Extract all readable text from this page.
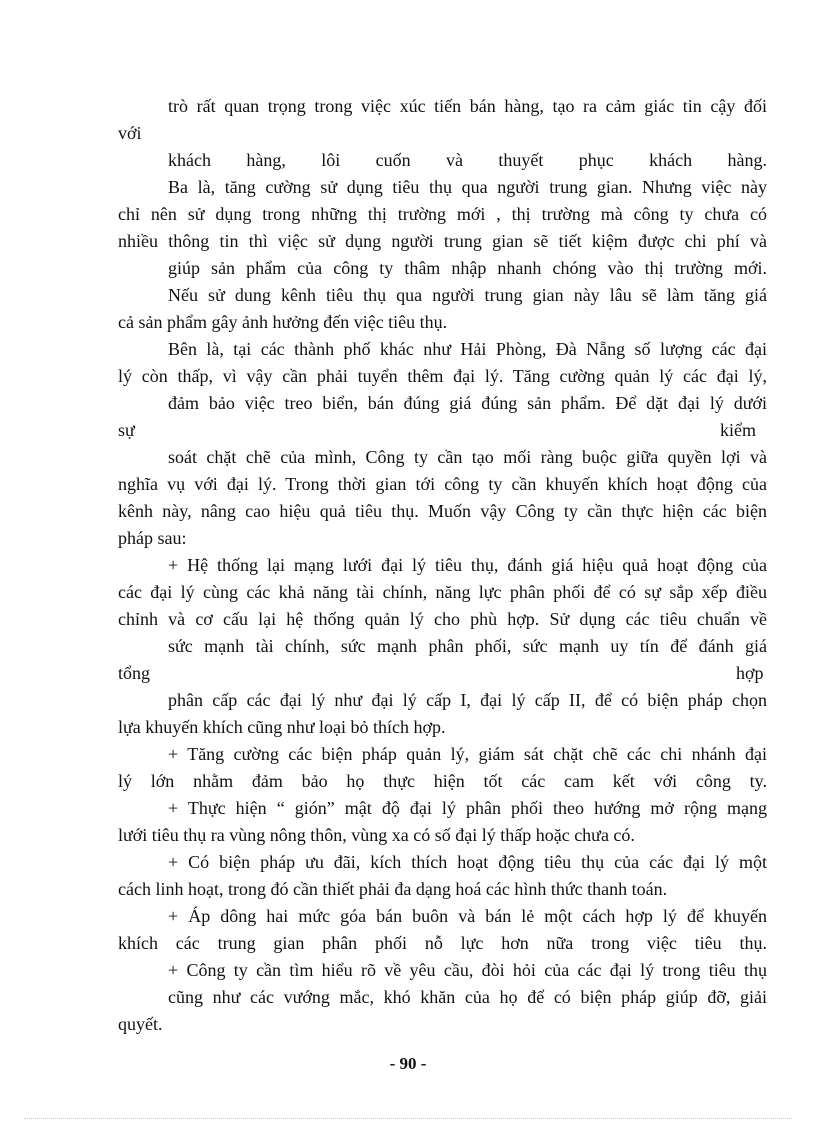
trò rất quan trọng trong việc xúc tiến bán hàng, tạo ra cảm giác tin cậy đối
với
khách hàng, lôi cuốn và thuyết phục khách hàng.
Ba là, tăng cường sử dụng tiêu thụ qua người trung gian. Nhưng việc này
chỉ nên sử dụng trong những thị trường mới , thị trường mà công ty chưa có
nhiều thông tin thì việc sử dụng người trung gian sẽ tiết kiệm được chi phí và
giúp sản phẩm của công ty thâm nhập nhanh chóng vào thị trường mới.
Nếu sử dung kênh tiêu thụ qua người trung gian này lâu sẽ làm tăng giá
cả sản phẩm gây ảnh hưởng đến việc tiêu thụ.
Bên là, tại các thành phố khác như Hải Phòng, Đà Nẵng số lượng các đại
lý còn thấp, vì vậy cần phải tuyển thêm đại lý. Tăng cường quản lý các đại lý,
đảm bảo việc treo biển, bán đúng giá đúng sản phẩm. Để dặt đại lý dưới
sự	kiểm
soát chặt chẽ của mình, Công ty cần tạo mối ràng buộc giữa quyền lợi và
nghĩa vụ với đại lý. Trong thời gian tới công ty cần khuyến khích hoạt động của
kênh này, nâng cao hiệu quả tiêu thụ. Muốn vậy Công ty cần thực hiện các biện
pháp sau:
+ Hệ thống lại mạng lưới đại lý tiêu thụ, đánh giá hiệu quả hoạt động của
các đại lý cùng các khả năng tài chính, năng lực phân phối để có sự sắp xếp điều
chỉnh và cơ cấu lại hệ thống quản lý cho phù hợp. Sử dụng các tiêu chuẩn về
sức mạnh tài chính, sức mạnh phân phối, sức mạnh uy tín để đánh giá
tổng	hợp
phân cấp các đại lý như đại lý cấp I, đại lý cấp II, để có biện pháp chọn
lựa khuyến khích cũng như loại bỏ thích hợp.
+ Tăng cường các biện pháp quản lý, giám sát chặt chẽ các chi nhánh đại
lý lớn nhằm đảm bảo họ thực hiện tốt các cam kết với công ty.
+ Thực hiện “ gión” mật độ đại lý phân phối theo hướng mở rộng mạng
lưới tiêu thụ ra vùng nông thôn, vùng xa có số đại lý thấp hoặc chưa có.
+ Có biện pháp ưu đãi, kích thích hoạt động tiêu thụ của các đại lý một
cách linh hoạt, trong đó cần thiết phải đa dạng hoá các hình thức thanh toán.
+ Áp dông hai mức góa bán buôn và bán lẻ một cách hợp lý để khuyến
khích các trung gian phân phối nỗ lực hơn nữa trong việc tiêu thụ.
+ Công ty cần tìm hiểu rõ về yêu cầu, đòi hỏi của các đại lý trong tiêu thụ
cũng như các vướng mắc, khó khăn của họ để có biện pháp giúp đỡ, giải
quyết.
- 90 -
